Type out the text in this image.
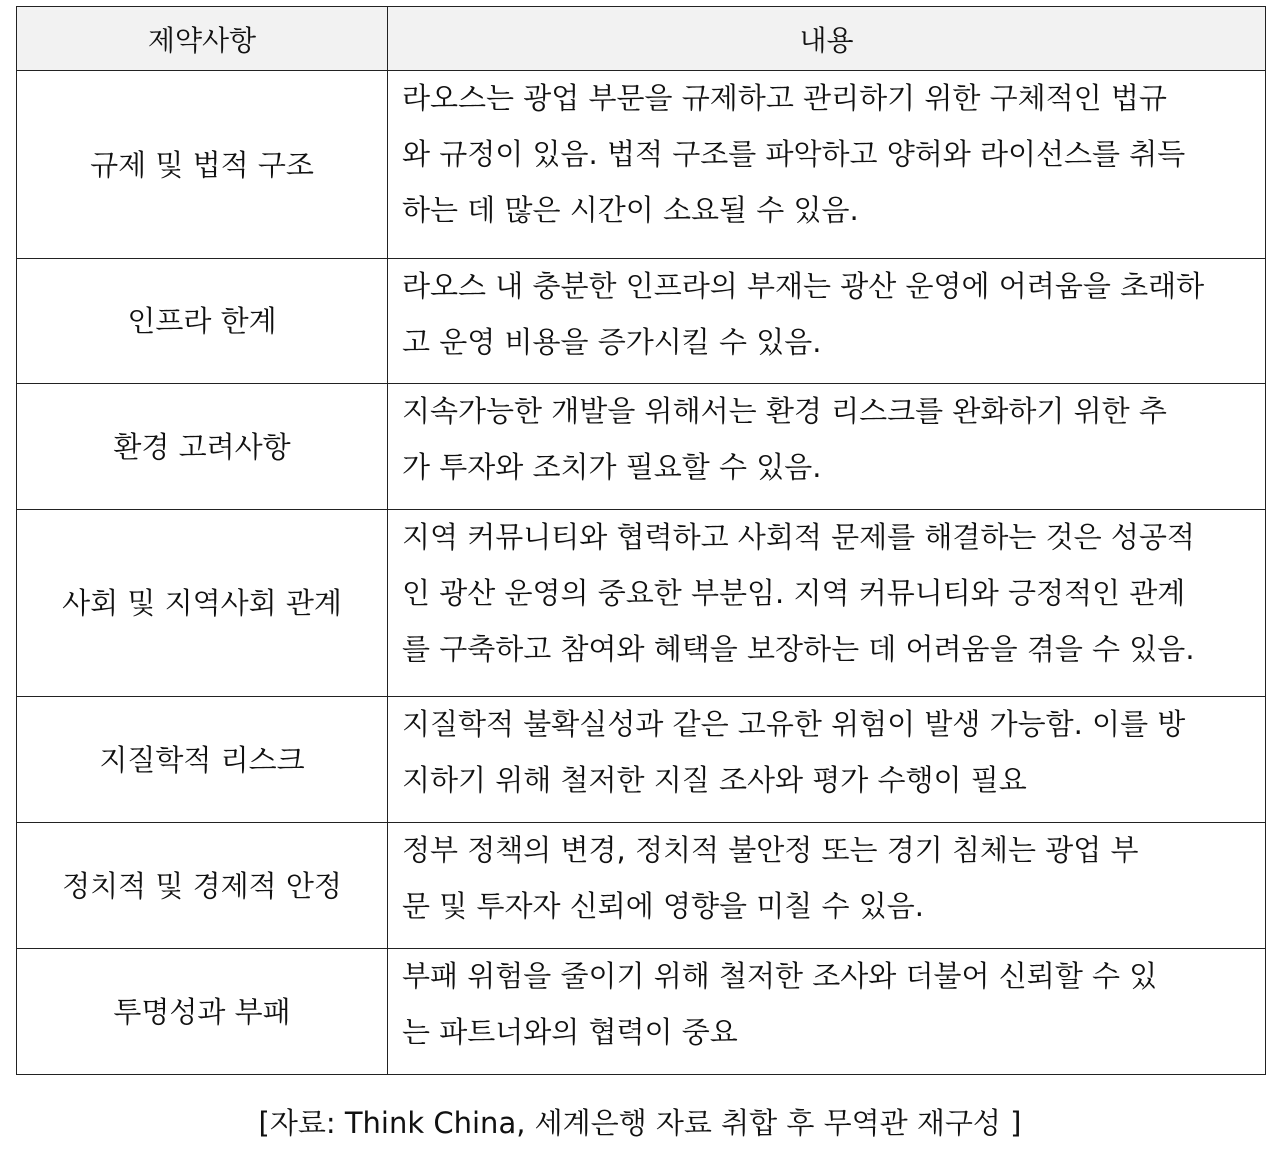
제약사항	내용
규제 및 법적 구조	라오스는 광업 부문을 규제하고 관리하기 위한 구체적인 법규
와 규정이 있음. 법적 구조를 파악하고 양허와 라이선스를 취득
하는 데 많은 시간이 소요될 수 있음.

인프라 한계	라오스 내 충분한 인프라의 부재는 광산 운영에 어려움을 초래하
고 운영 비용을 증가시킬 수 있음.

환경 고려사항	지속가능한 개발을 위해서는 환경 리스크를 완화하기 위한 추
가 투자와 조치가 필요할 수 있음.

사회 및 지역사회 관계	지역 커뮤니티와 협력하고 사회적 문제를 해결하는 것은 성공적
인 광산 운영의 중요한 부분임. 지역 커뮤니티와 긍정적인 관계
를 구축하고 참여와 혜택을 보장하는 데 어려움을 겪을 수 있음.

지질학적 리스크	지질학적 불확실성과 같은 고유한 위험이 발생 가능함. 이를 방
지하기 위해 철저한 지질 조사와 평가 수행이 필요

정치적 및 경제적 안정	정부 정책의 변경, 정치적 불안정 또는 경기 침체는 광업 부
문 및 투자자 신뢰에 영향을 미칠 수 있음.

투명성과 부패	부패 위험을 줄이기 위해 철저한 조사와 더불어 신뢰할 수 있
는 파트너와의 협력이 중요
[자료: Think China, 세계은행 자료 취합 후 무역관 재구성 ]
